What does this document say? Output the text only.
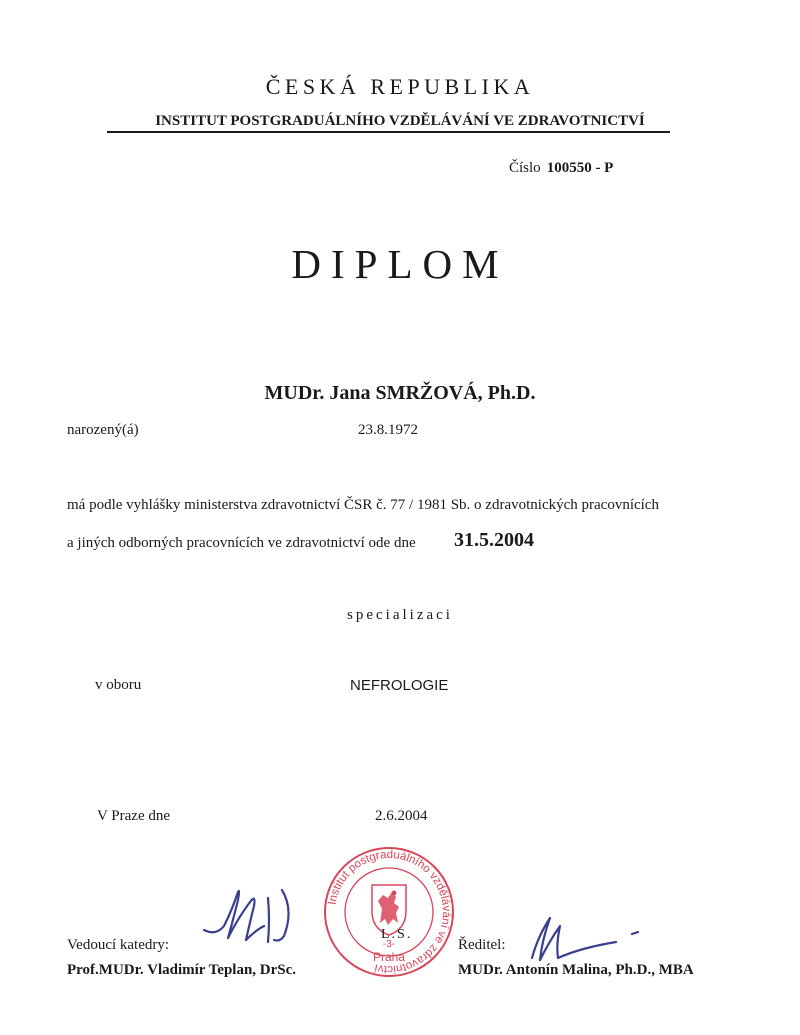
ČESKÁ REPUBLIKA
INSTITUT POSTGRADUÁLNÍHO VZDĚLÁVÁNÍ VE ZDRAVOTNICTVÍ
Číslo 100550 - P
DIPLOM
MUDr. Jana SMRŽOVÁ, Ph.D.
narozený(á)	23.8.1972
má podle vyhlášky ministerstva zdravotnictví ČSR č. 77 / 1981 Sb. o zdravotnických pracovnících
a jiných odborných pracovnících ve zdravotnictví ode dne 31.5.2004
specializaci
v oboru	NEFROLOGIE
V Praze dne	2.6.2004
Institut postgraduálního vzdělávání ve zdravotnictví
-3-
Praha
L.S.
Vedoucí katedry:
Prof.MUDr. Vladimír Teplan, DrSc.
Ředitel:
MUDr. Antonín Malina, Ph.D., MBA
